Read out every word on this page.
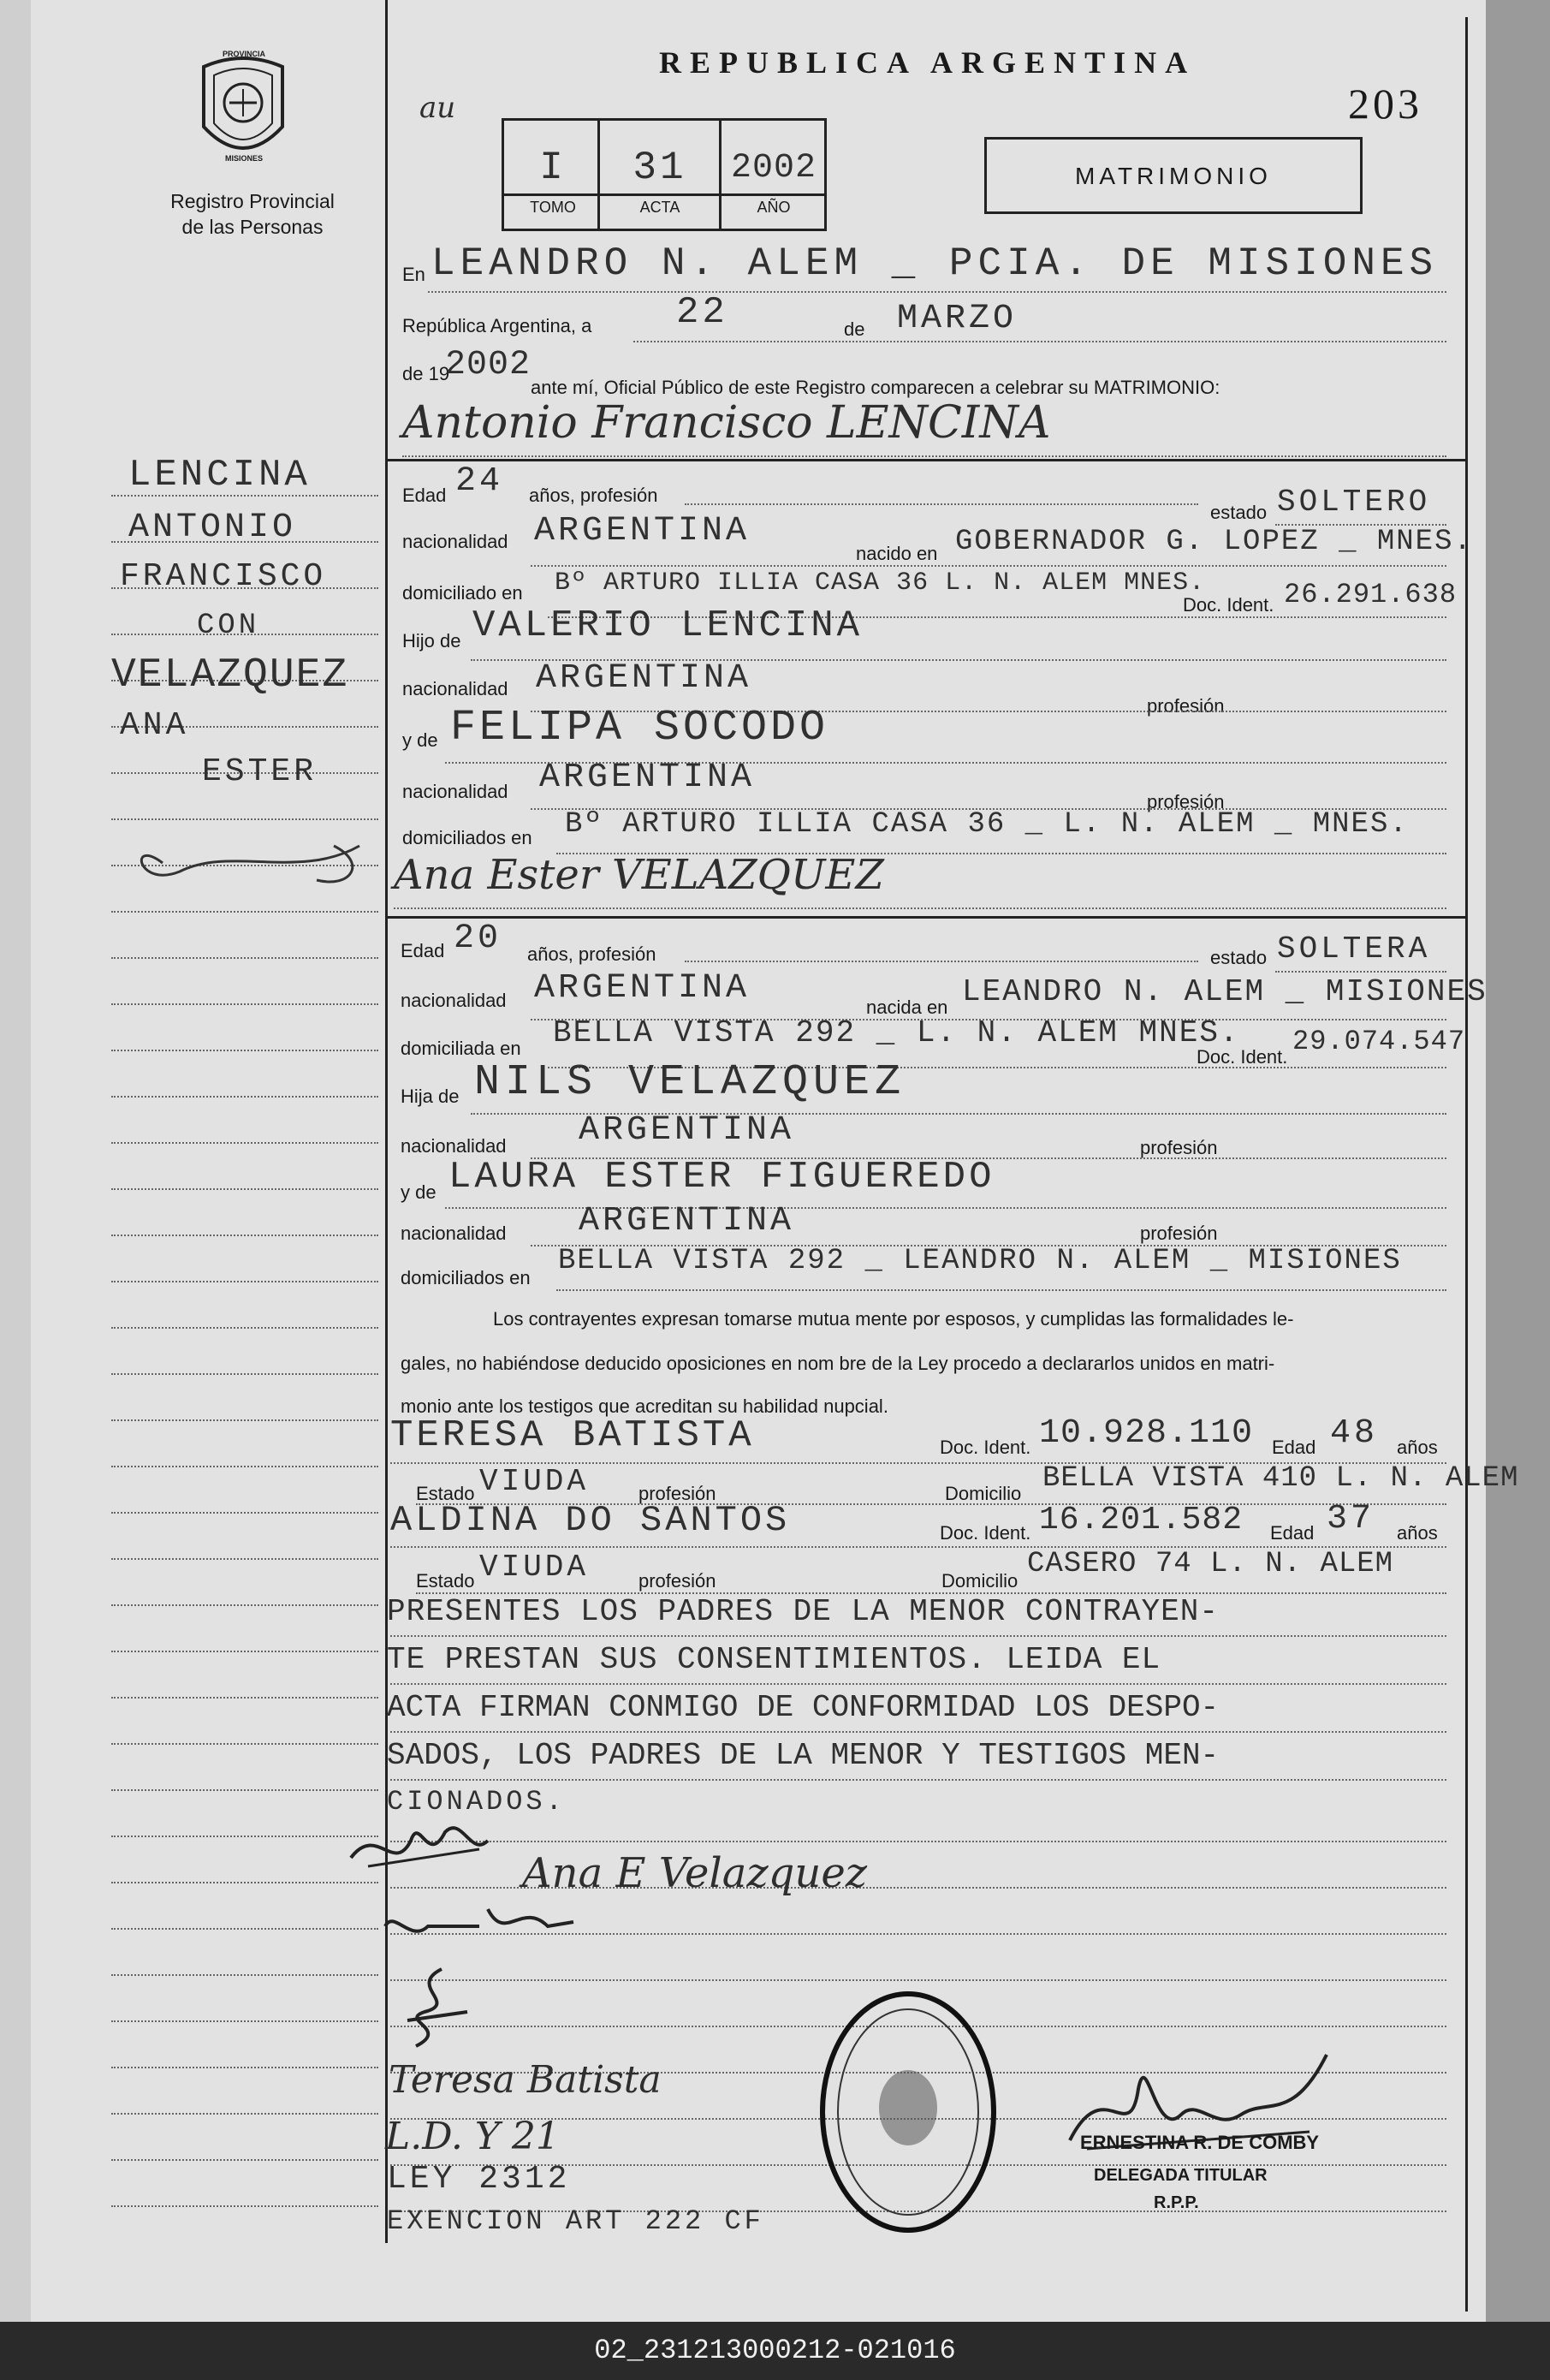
PROVINCIA
MISIONES
Registro Provincial
de las Personas
REPUBLICA ARGENTINA
203
au
I
TOMO
31
ACTA
2002
AÑO
MATRIMONIO
En LEANDRO N. ALEM _ PCIA. DE MISIONES
República Argentina, a 22	de MARZO
de 19
2002
ante mí, Oficial Público de este Registro comparecen a celebrar su MATRIMONIO:
Antonio Francisco LENCINA
LENCINA
ANTONIO
FRANCISCO
CON
VELAZQUEZ
ANA
ESTER
Edad 24 años, profesión
estado SOLTERO
nacionalidad ARGENTINA
nacido en GOBERNADOR G. LOPEZ _ MNES.
domiciliado en Bº ARTURO ILLIA CASA 36 L. N. ALEM MNES.
Doc. Ident. 26.291.638
Hijo de VALERIO LENCINA
nacionalidad ARGENTINA
profesión
y de FELIPA SOCODO
nacionalidad ARGENTINA
profesión
domiciliados en Bº ARTURO ILLIA CASA 36 _ L. N. ALEM _ MNES.
Ana Ester VELAZQUEZ
Edad 20 años, profesión	estado SOLTERA
nacionalidad ARGENTINA	nacida en LEANDRO N. ALEM _ MISIONES
domiciliada en BELLA VISTA 292 _ L. N. ALEM MNES.
Doc. Ident. 29.074.547
Hija de NILS VELAZQUEZ
nacionalidad ARGENTINA	profesión
y de LAURA ESTER FIGUEREDO
nacionalidad ARGENTINA	profesión
domiciliados en
BELLA VISTA 292 _ LEANDRO N. ALEM _ MISIONES
Los contrayentes expresan tomarse mutua mente por esposos, y cumplidas las formalidades le-
gales, no habiéndose deducido oposiciones en nom bre de la Ley procedo a declararlos unidos en matri-
monio ante los testigos que acreditan su habilidad nupcial.
TERESA BATISTA	Doc. Ident. 10.928.110 Edad 48 años
Estado VIUDA	profesión	Domicilio BELLA VISTA 410 L. N. ALEM
ALDINA DO SANTOS	Doc. Ident. 16.201.582 Edad 37 años
Estado VIUDA	profesión	Domicilio
CASERO 74 L. N. ALEM
PRESENTES LOS PADRES DE LA MENOR CONTRAYEN-
TE PRESTAN SUS CONSENTIMIENTOS. LEIDA EL
ACTA FIRMAN CONMIGO DE CONFORMIDAD LOS DESPO-
SADOS, LOS PADRES DE LA MENOR Y TESTIGOS MEN-
CIONADOS.
Ana E Velazquez
Teresa Batista
L.D. Y 21
LEY 2312
EXENCION ART 222 CF
ERNESTINA R. DE COMBY
DELEGADA TITULAR
R.P.P.
02_231213000212-021016
